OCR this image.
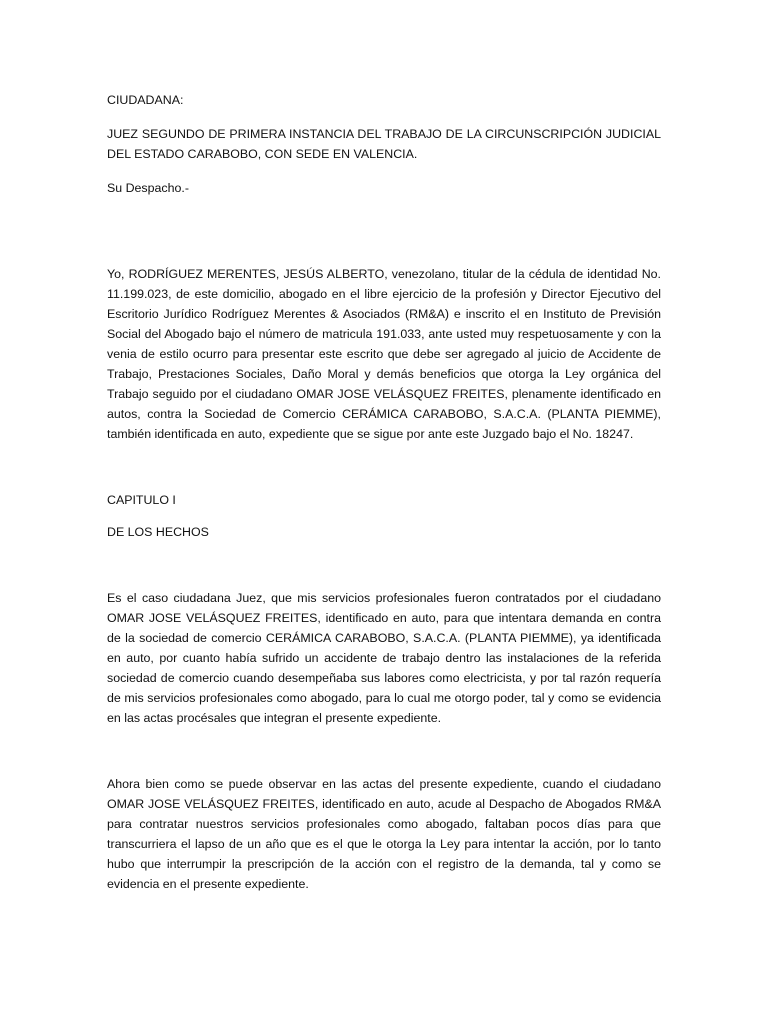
CIUDADANA:

JUEZ SEGUNDO DE PRIMERA INSTANCIA DEL TRABAJO DE LA CIRCUNSCRIPCIÓN JUDICIAL DEL ESTADO CARABOBO, CON SEDE EN VALENCIA.

Su Despacho.-

Yo, RODRÍGUEZ MERENTES, JESÚS ALBERTO, venezolano, titular de la cédula de identidad No. 11.199.023, de este domicilio, abogado en el libre ejercicio de la profesión y Director Ejecutivo del Escritorio Jurídico Rodríguez Merentes & Asociados (RM&A) e inscrito el en Instituto de Previsión Social del Abogado bajo el número de matricula 191.033, ante usted muy respetuosamente y con la venia de estilo ocurro para presentar este escrito que debe ser agregado al juicio de Accidente de Trabajo, Prestaciones Sociales, Daño Moral y demás beneficios que otorga la Ley orgánica del Trabajo seguido por el ciudadano OMAR JOSE VELÁSQUEZ FREITES, plenamente identificado en autos, contra la Sociedad de Comercio CERÁMICA CARABOBO, S.A.C.A. (PLANTA PIEMME), también identificada en auto, expediente que se sigue por ante este Juzgado bajo el No. 18247.

CAPITULO I

DE LOS HECHOS

Es el caso ciudadana Juez, que mis servicios profesionales fueron contratados por el ciudadano OMAR JOSE VELÁSQUEZ FREITES, identificado en auto, para que intentara demanda en contra de la sociedad de comercio CERÁMICA CARABOBO, S.A.C.A. (PLANTA PIEMME), ya identificada en auto, por cuanto había sufrido un accidente de trabajo dentro las instalaciones de la referida sociedad de comercio cuando desempeñaba sus labores como electricista, y por tal razón requería de mis servicios profesionales como abogado, para lo cual me otorgo poder, tal y como se evidencia en las actas procésales que integran el presente expediente.

Ahora bien como se puede observar en las actas del presente expediente, cuando el ciudadano OMAR JOSE VELÁSQUEZ FREITES, identificado en auto, acude al Despacho de Abogados RM&A para contratar nuestros servicios profesionales como abogado, faltaban pocos días para que transcurriera el lapso de un año que es el que le otorga la Ley para intentar la acción, por lo tanto hubo que interrumpir la prescripción de la acción con el registro de la demanda, tal y como se evidencia en el presente expediente.
